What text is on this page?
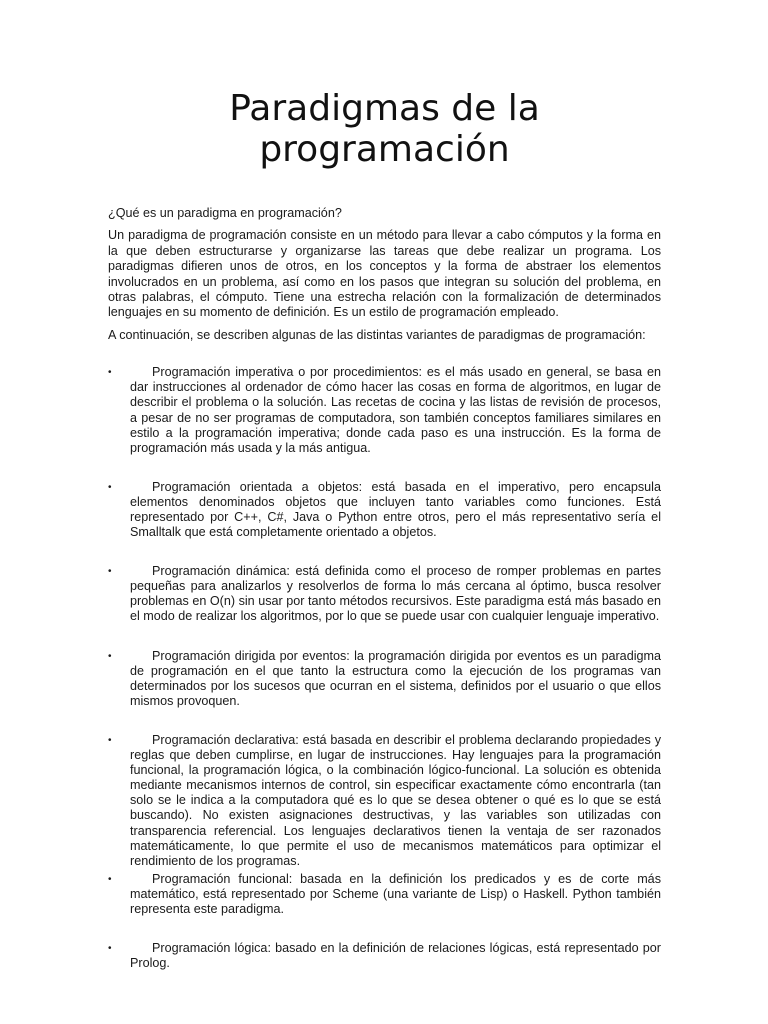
Paradigmas de la programación

¿Qué es un paradigma en programación?

Un paradigma de programación consiste en un método para llevar a cabo cómputos y la forma en la que deben estructurarse y organizarse las tareas que debe realizar un programa. Los paradigmas difieren unos de otros, en los conceptos y la forma de abstraer los elementos involucrados en un problema, así como en los pasos que integran su solución del problema, en otras palabras, el cómputo. Tiene una estrecha relación con la formalización de determinados lenguajes en su momento de definición. Es un estilo de programación empleado.

A continuación, se describen algunas de las distintas variantes de paradigmas de programación:

•	Programación imperativa o por procedimientos: es el más usado en general, se basa en dar instrucciones al ordenador de cómo hacer las cosas en forma de algoritmos, en lugar de describir el problema o la solución. Las recetas de cocina y las listas de revisión de procesos, a pesar de no ser programas de computadora, son también conceptos familiares similares en estilo a la programación imperativa; donde cada paso es una instrucción. Es la forma de programación más usada y la más antigua.
•	Programación orientada a objetos: está basada en el imperativo, pero encapsula elementos denominados objetos que incluyen tanto variables como funciones. Está representado por C++, C#, Java o Python entre otros, pero el más representativo sería el Smalltalk que está completamente orientado a objetos.
•	Programación dinámica: está definida como el proceso de romper problemas en partes pequeñas para analizarlos y resolverlos de forma lo más cercana al óptimo, busca resolver problemas en O(n) sin usar por tanto métodos recursivos. Este paradigma está más basado en el modo de realizar los algoritmos, por lo que se puede usar con cualquier lenguaje imperativo.
•	Programación dirigida por eventos: la programación dirigida por eventos es un paradigma de programación en el que tanto la estructura como la ejecución de los programas van determinados por los sucesos que ocurran en el sistema, definidos por el usuario o que ellos mismos provoquen.
•	Programación declarativa: está basada en describir el problema declarando propiedades y reglas que deben cumplirse, en lugar de instrucciones. Hay lenguajes para la programación funcional, la programación lógica, o la combinación lógico-funcional. La solución es obtenida mediante mecanismos internos de control, sin especificar exactamente cómo encontrarla (tan solo se le indica a la computadora qué es lo que se desea obtener o qué es lo que se está buscando). No existen asignaciones destructivas, y las variables son utilizadas con transparencia referencial. Los lenguajes declarativos tienen la ventaja de ser razonados matemáticamente, lo que permite el uso de mecanismos matemáticos para optimizar el rendimiento de los programas.
•	Programación funcional: basada en la definición los predicados y es de corte más matemático, está representado por Scheme (una variante de Lisp) o Haskell. Python también representa este paradigma.
•	Programación lógica: basado en la definición de relaciones lógicas, está representado por Prolog.
